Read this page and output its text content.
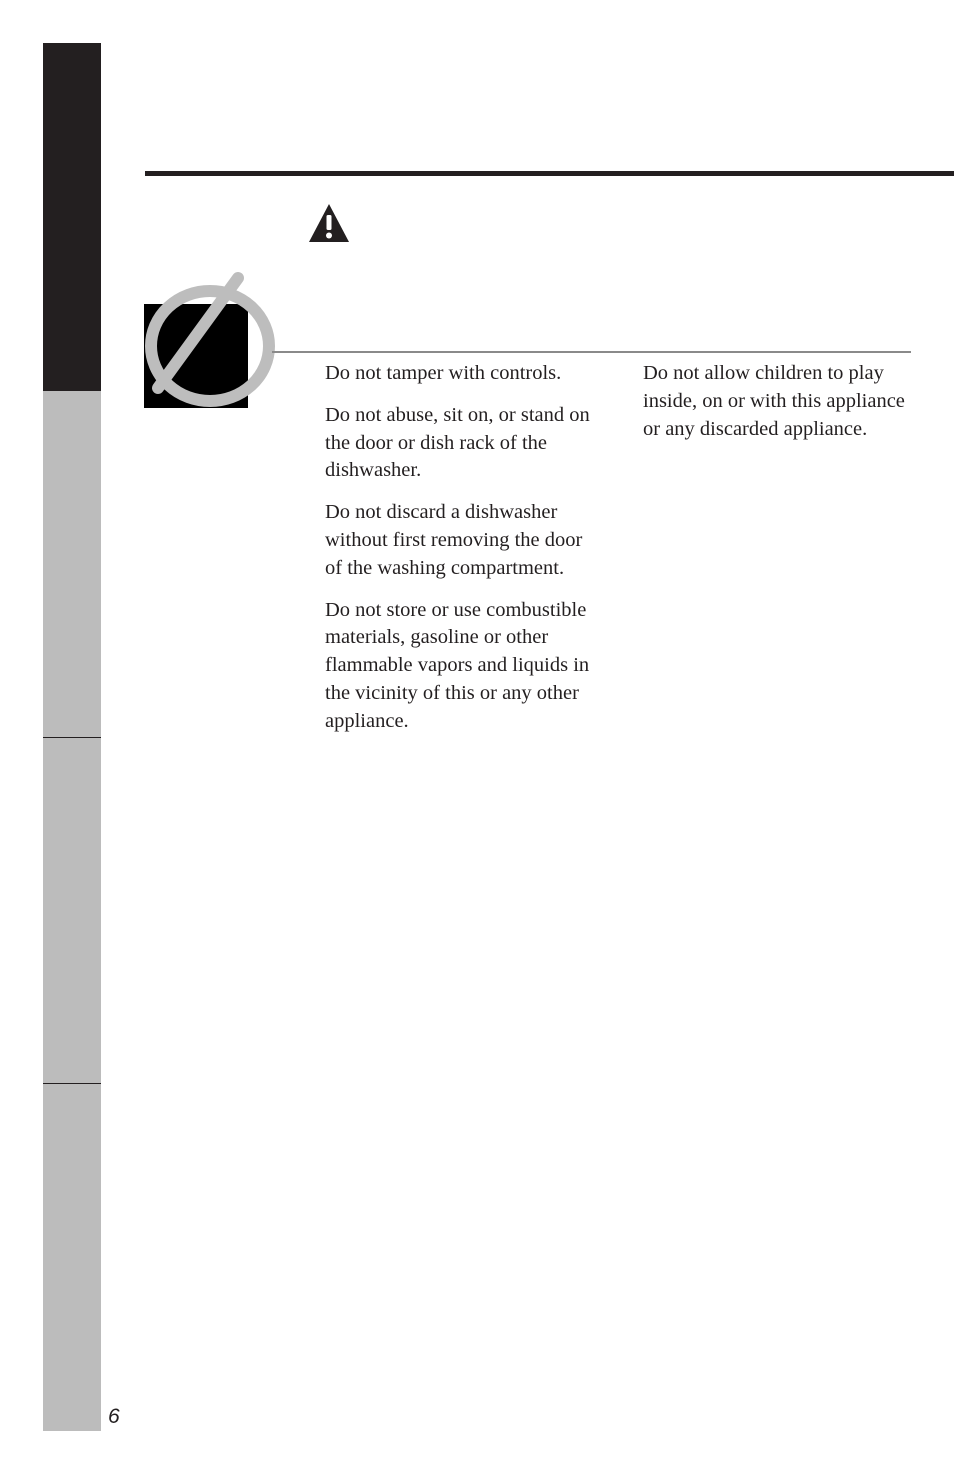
Do not tamper with controls.

Do not abuse, sit on, or stand on the door or dish rack of the dishwasher.

Do not discard a dishwasher without first removing the door of the washing compartment.

Do not store or use combustible materials, gasoline or other flammable vapors and liquids in the vicinity of this or any other appliance.

Do not allow children to play inside, on or with this appliance or any discarded appliance.

6
